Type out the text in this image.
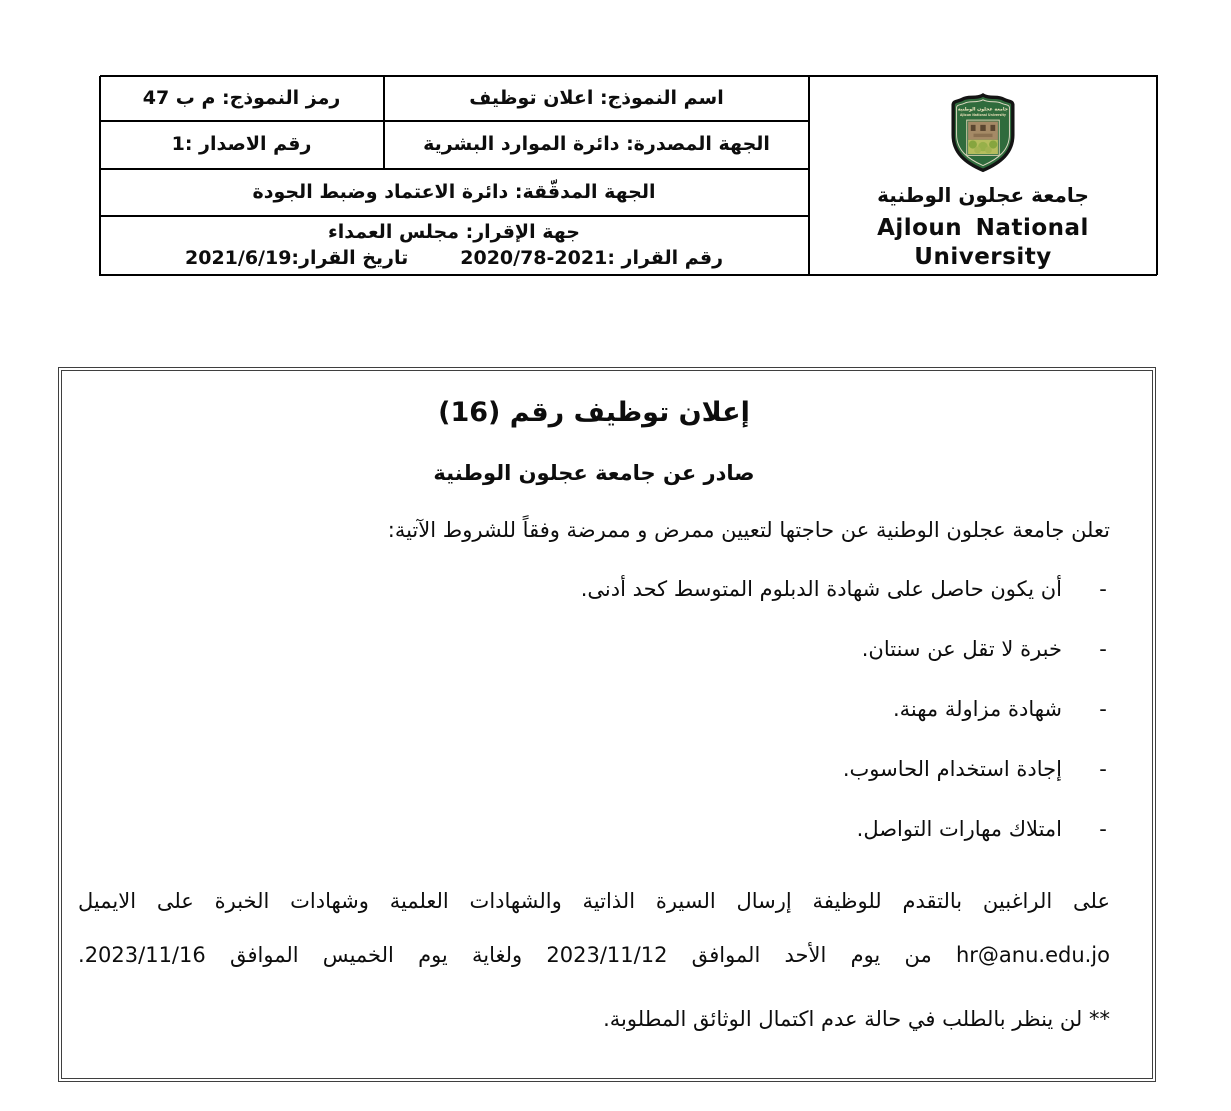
جامعة عجلون الوطنية
Ajloun National University
جامعة عجلون الوطنية
Ajloun National University
اسم النموذج: اعلان توظيف
رمز النموذج: م ب 47
الجهة المصدرة: دائرة الموارد البشرية
رقم الاصدار :1
الجهة المدقّقة: دائرة الاعتماد وضبط الجودة
جهة الإقرار: مجلس العمداء
رقم القرار :2021-2020/78
تاريخ القرار:2021/6/19
إعلان توظيف رقم (16)
صادر عن جامعة عجلون الوطنية

تعلن جامعة عجلون الوطنية عن حاجتها لتعيين ممرض و ممرضة وفقاً للشروط الآتية:

-
أن يكون حاصل على شهادة الدبلوم المتوسط كحد أدنى.
-
خبرة لا تقل عن سنتان.
-
شهادة مزاولة مهنة.
-
إجادة استخدام الحاسوب.
-
امتلاك مهارات التواصل.
على الراغبين بالتقدم للوظيفة إرسال السيرة الذاتية والشهادات العلمية وشهادات الخبرة على الايميل
hr@anu.edu.jo من يوم الأحد الموافق 2023/11/12 ولغاية يوم الخميس الموافق 2023/11/16.

** لن ينظر بالطلب في حالة عدم اكتمال الوثائق المطلوبة.
